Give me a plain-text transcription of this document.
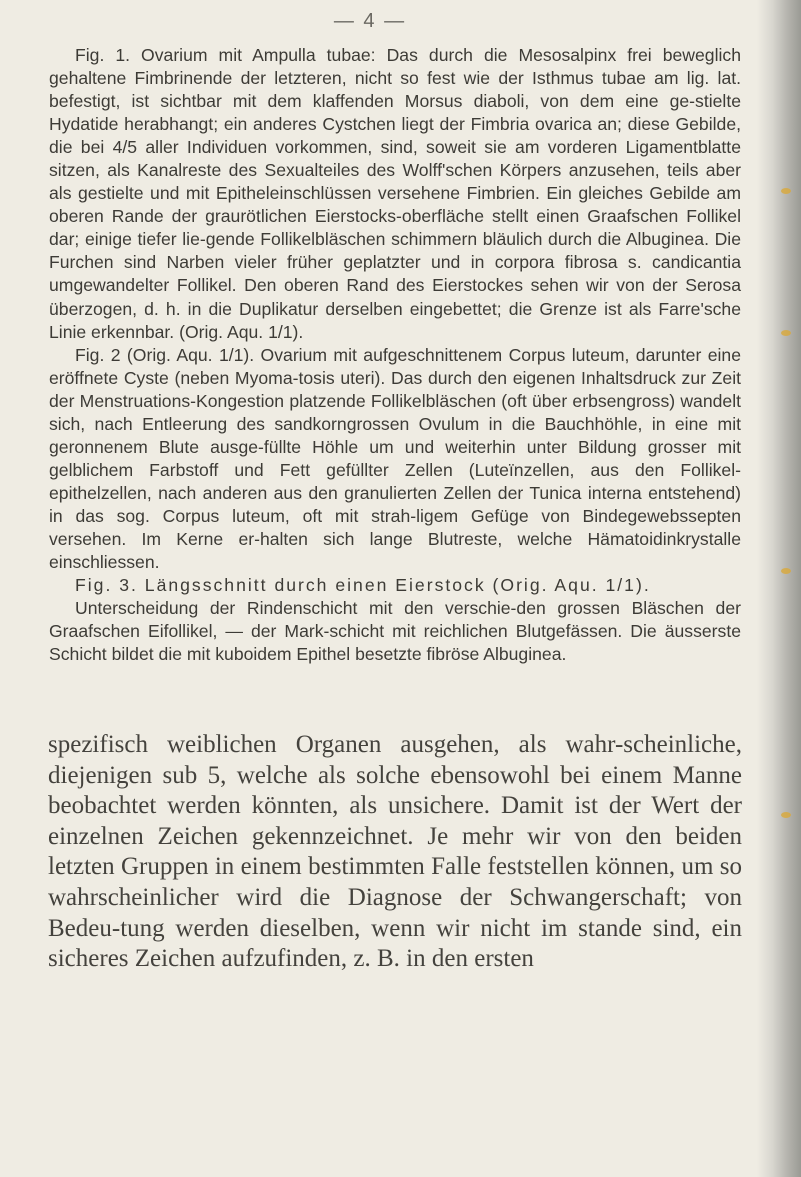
— 4 —

Fig. 1. Ovarium mit Ampulla tubae: Das durch die Mesosalpinx frei beweglich gehaltene Fimbrinende der letzteren, nicht so fest wie der Isthmus tubae am lig. lat. befestigt, ist sichtbar mit dem klaffenden Morsus diaboli, von dem eine ge-stielte Hydatide herabhangt; ein anderes Cystchen liegt der Fimbria ovarica an; diese Gebilde, die bei 4/5 aller Individuen vorkommen, sind, soweit sie am vorderen Ligamentblatte sitzen, als Kanalreste des Sexualteiles des Wolff'schen Körpers anzusehen, teils aber als gestielte und mit Epitheleinschlüssen versehene Fimbrien. Ein gleiches Gebilde am oberen Rande der graurötlichen Eierstocks-oberfläche stellt einen Graafschen Follikel dar; einige tiefer lie-gende Follikelbläschen schimmern bläulich durch die Albuginea. Die Furchen sind Narben vieler früher geplatzter und in corpora fibrosa s. candicantia umgewandelter Follikel. Den oberen Rand des Eierstockes sehen wir von der Serosa überzogen, d. h. in die Duplikatur derselben eingebettet; die Grenze ist als Farre'sche Linie erkennbar. (Orig. Aqu. 1/1).

Fig. 2 (Orig. Aqu. 1/1). Ovarium mit aufgeschnittenem Corpus luteum, darunter eine eröffnete Cyste (neben Myoma-tosis uteri). Das durch den eigenen Inhaltsdruck zur Zeit der Menstruations-Kongestion platzende Follikelbläschen (oft über erbsengross) wandelt sich, nach Entleerung des sandkorngrossen Ovulum in die Bauchhöhle, in eine mit geronnenem Blute ausge-füllte Höhle um und weiterhin unter Bildung grosser mit gelblichem Farbstoff und Fett gefüllter Zellen (Luteïnzellen, aus den Follikel-epithelzellen, nach anderen aus den granulierten Zellen der Tunica interna entstehend) in das sog. Corpus luteum, oft mit strah-ligem Gefüge von Bindegewebssepten versehen. Im Kerne er-halten sich lange Blutreste, welche Hämatoidinkrystalle einschliessen.

Fig. 3. Längsschnitt durch einen Eierstock (Orig. Aqu. 1/1).

Unterscheidung der Rindenschicht mit den verschie-den grossen Bläschen der Graafschen Eifollikel, — der Mark-schicht mit reichlichen Blutgefässen. Die äusserste Schicht bildet die mit kuboidem Epithel besetzte fibröse Albuginea.

spezifisch weiblichen Organen ausgehen, als wahr-scheinliche, diejenigen sub 5, welche als solche ebensowohl bei einem Manne beobachtet werden könnten, als unsichere. Damit ist der Wert der einzelnen Zeichen gekennzeichnet. Je mehr wir von den beiden letzten Gruppen in einem bestimmten Falle feststellen können, um so wahrscheinlicher wird die Diagnose der Schwangerschaft; von Bedeu-tung werden dieselben, wenn wir nicht im stande sind, ein sicheres Zeichen aufzufinden, z. B. in den ersten
